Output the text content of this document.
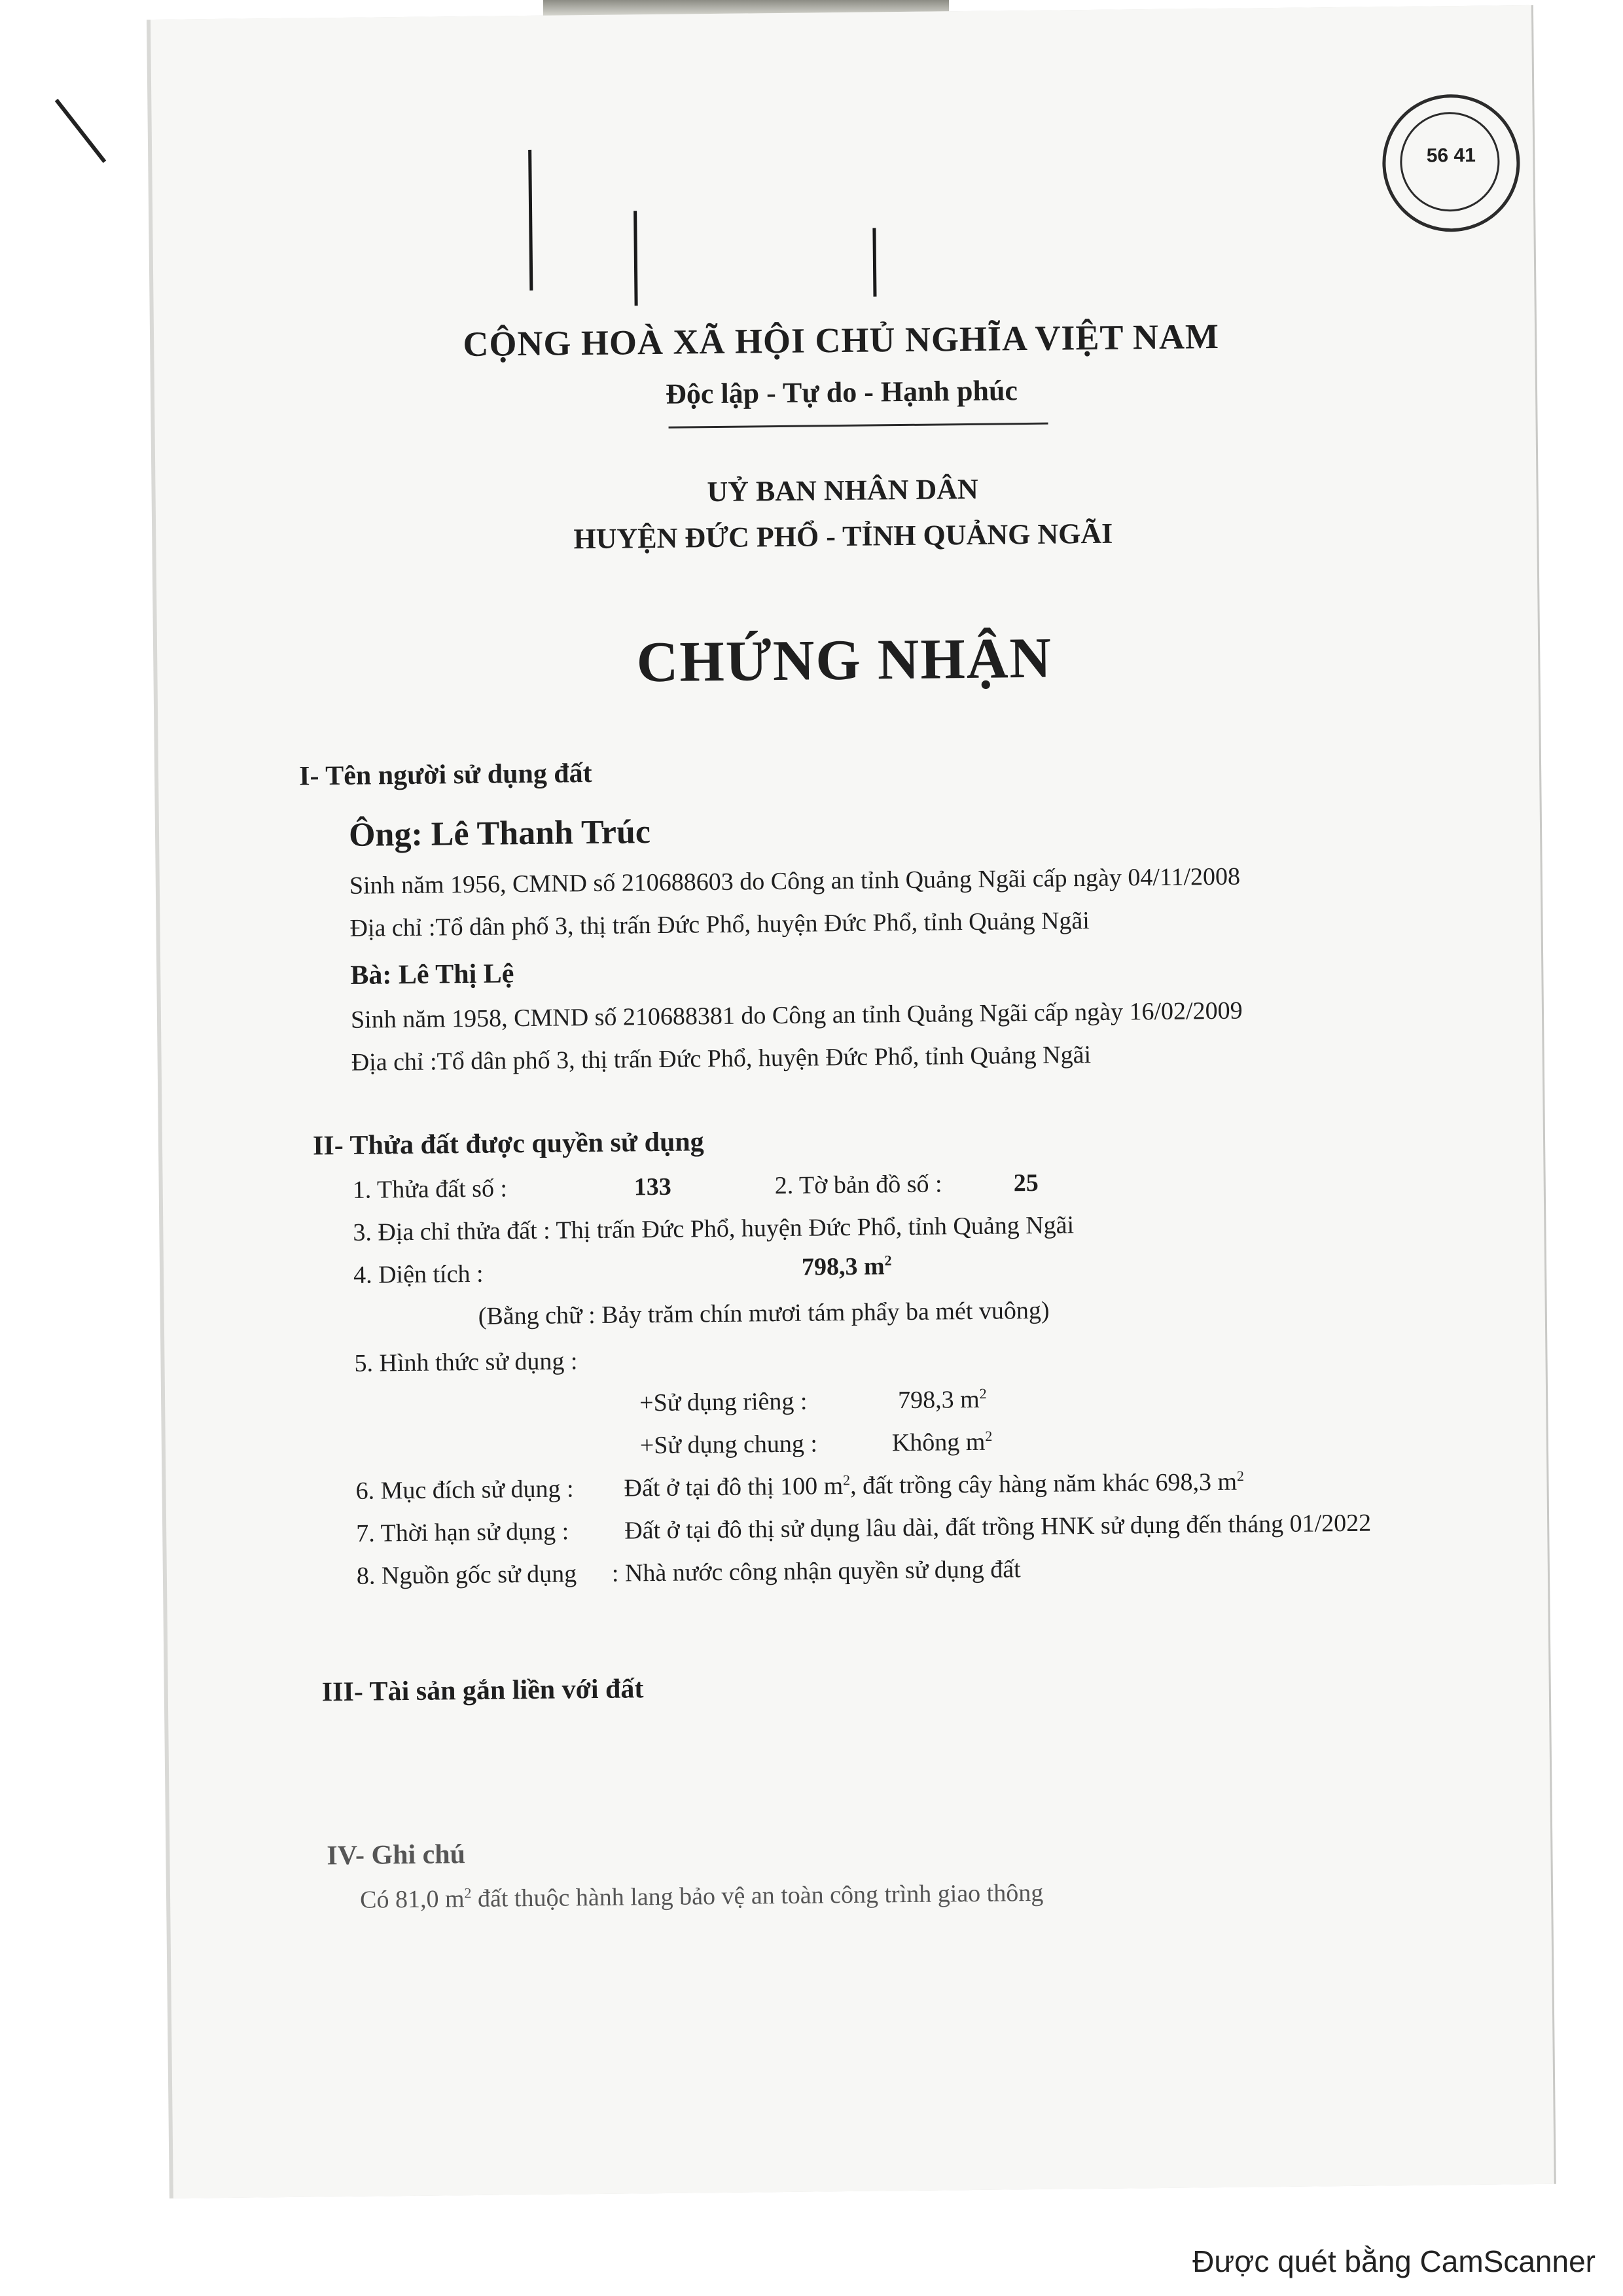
56 41
CỘNG HOÀ XÃ HỘI CHỦ NGHĨA VIỆT NAM
Độc lập - Tự do - Hạnh phúc
UỶ BAN NHÂN DÂN
HUYỆN ĐỨC PHỔ - TỈNH QUẢNG NGÃI
CHỨNG NHẬN
I- Tên người sử dụng đất
Ông: Lê Thanh Trúc
Sinh năm 1956, CMND số 210688603 do Công an tỉnh Quảng Ngãi cấp ngày 04/11/2008
Địa chỉ :Tổ dân phố 3, thị trấn Đức Phổ, huyện Đức Phổ, tỉnh Quảng Ngãi
Bà: Lê Thị Lệ
Sinh năm 1958, CMND số 210688381 do Công an tỉnh Quảng Ngãi cấp ngày 16/02/2009
Địa chỉ :Tổ dân phố 3, thị trấn Đức Phổ, huyện Đức Phổ, tỉnh Quảng Ngãi
II- Thửa đất được quyền sử dụng
1. Thửa đất số :	133	2. Tờ bản đồ số :	25
3. Địa chỉ thửa đất : Thị trấn Đức Phổ, huyện Đức Phổ, tỉnh Quảng Ngãi
4. Diện tích :	798,3 $m^2$
(Bằng chữ : Bảy trăm chín mươi tám phẩy ba mét vuông)
5. Hình thức sử dụng :
+Sử dụng riêng :	798,3 $m^2$
+Sử dụng chung :	Không $m^2$
6. Mục đích sử dụng : Đất ở tại đô thị 100 $m^2$, đất trồng cây hàng năm khác 698,3 $m^2$
7. Thời hạn sử dụng : Đất ở tại đô thị sử dụng lâu dài, đất trồng HNK sử dụng đến tháng 01/2022
8. Nguồn gốc sử dụng : Nhà nước công nhận quyền sử dụng đất
III- Tài sản gắn liền với đất
IV- Ghi chú
Có 81,0 $m^2$ đất thuộc hành lang bảo vệ an toàn công trình giao thông
Được quét bằng CamScanner
